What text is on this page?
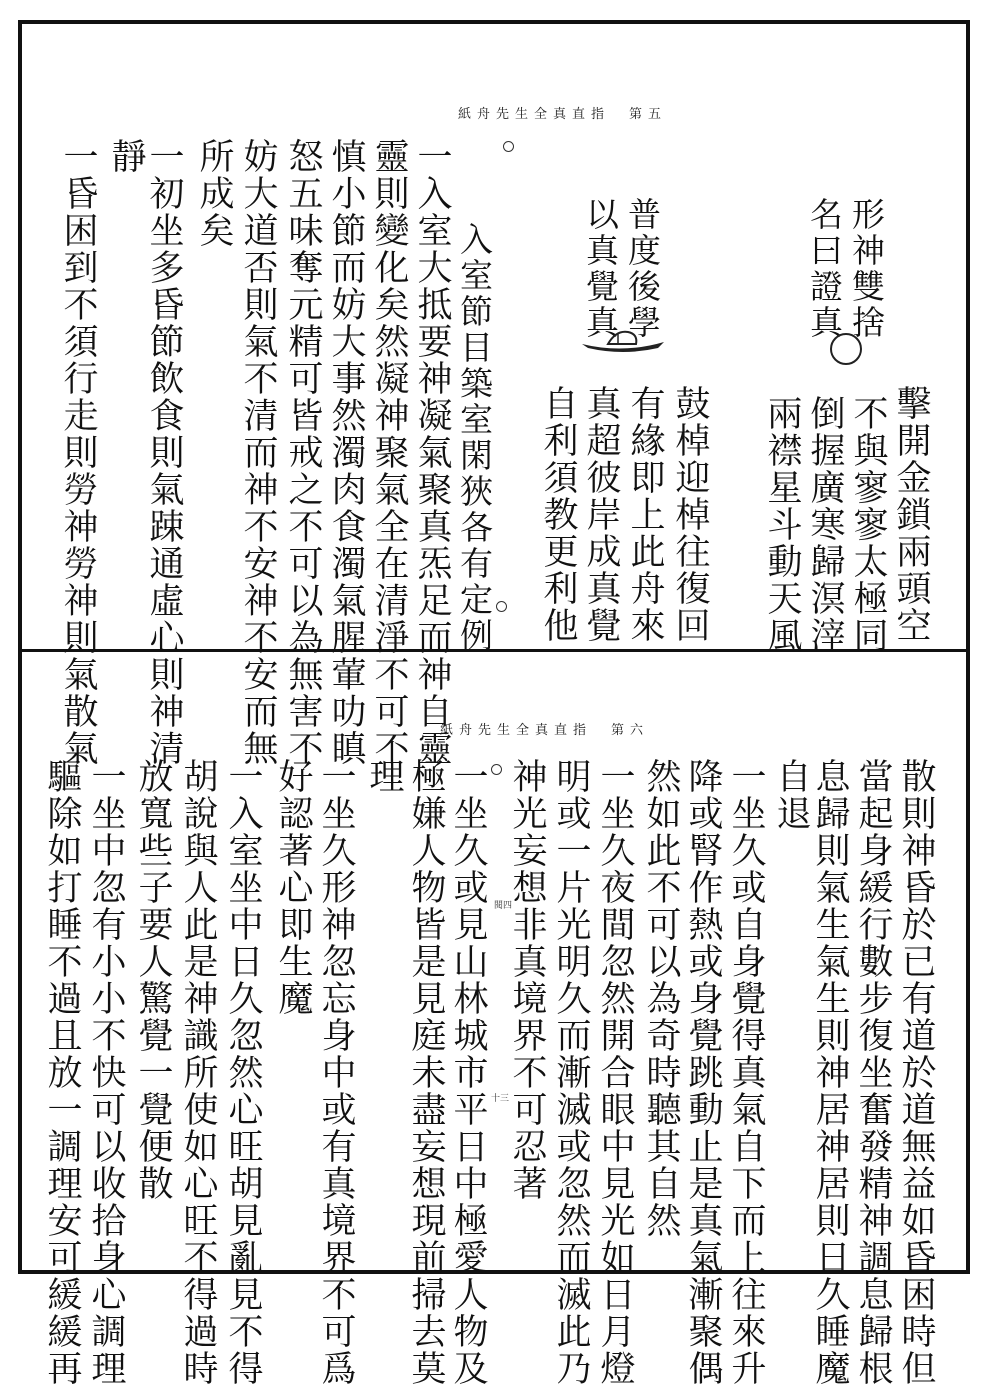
紙舟先生全真直指　第五
形神雙捨
名曰證真
擊開金鎖兩頭空
不與寥寥太極同
倒握廣寒歸溟滓
兩襟星斗動天風
普度後學
以真覺真
鼓棹迎棹往復回
有緣即上此舟來
真超彼岸成真覺
自利須教更利他
入室節目築室閑狹各有定例
一入室大抵要神凝氣聚真炁足而神自靈
靈則變化矣然凝神聚氣全在清淨不可不
慎小節而妨大事然濁肉食濁氣腥葷叻瞋
怒五味奪元精可皆戒之不可以為無害不
妨大道否則氣不清而神不安神不安而無
所成矣
一初坐多昏節飲食則氣踈通虛心則神清
靜
一昏困到不須行走則勞神勞神則氣散氣	紙舟先生全真直指　第六
閱四
十三	散則神昏於已有道於道無益如昏困時但
當起身緩行數步復坐奮發精神調息歸根
息歸則氣生氣生則神居神居則日久睡魔
自退
一坐久或自身覺得真氣自下而上往來升
降或腎作熱或身覺跳動止是真氣漸聚偶
然如此不可以為奇時聽其自然
一坐久夜間忽然開合眼中見光如日月燈
明或一片光明久而漸滅或忽然而滅此乃
神光妄想非真境界不可忍著
一坐久或見山林城市平日中極愛人物及
極嫌人物皆是見庭未盡妄想現前掃去莫
理
一坐久形神忽忘身中或有真境界不可爲
好認著心即生魔
一入室坐中日久忽然心旺胡見亂見不得
胡說與人此是神識所使如心旺不得過時
放寬些子要人驚覺一覺便散
一坐中忽有小小不快可以收拾身心調理
驅除如打睡不過且放一調理安可緩緩再
